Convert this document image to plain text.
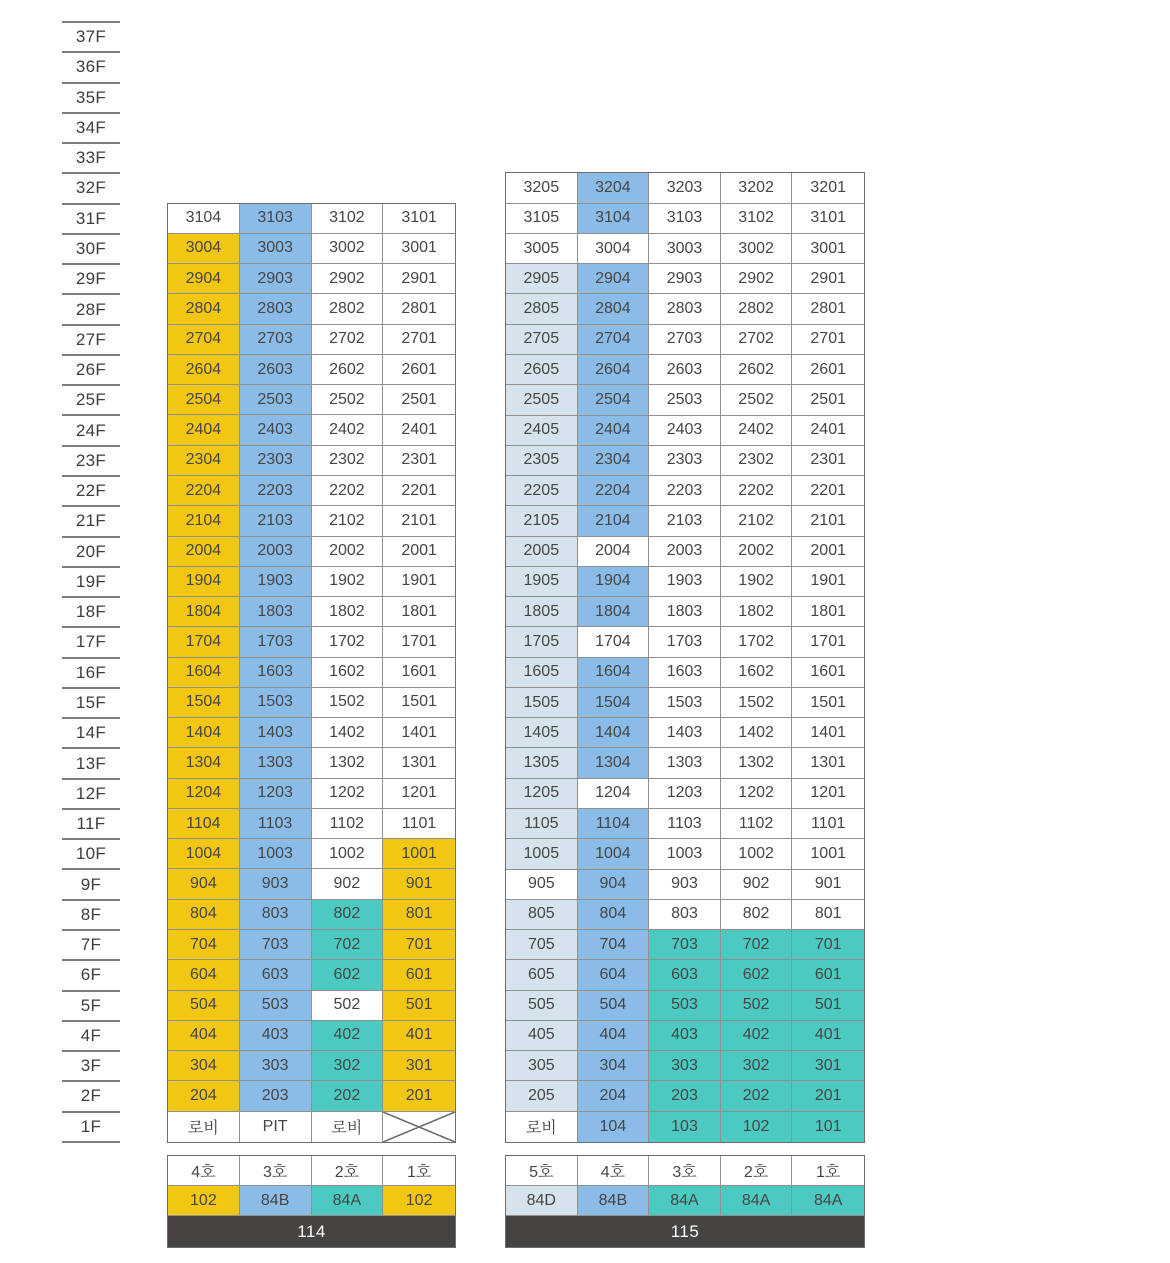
37F
36F
35F
34F
33F
32F
31F
30F
29F
28F
27F
26F
25F
24F
23F
22F
21F
20F
19F
18F
17F
16F
15F
14F
13F
12F
11F
10F
9F
8F
7F
6F
5F
4F
3F
2F
1F
3104	3103	3102	3101
3004	3003	3002	3001
2904	2903	2902	2901
2804	2803	2802	2801
2704	2703	2702	2701
2604	2603	2602	2601
2504	2503	2502	2501
2404	2403	2402	2401
2304	2303	2302	2301
2204	2203	2202	2201
2104	2103	2102	2101
2004	2003	2002	2001
1904	1903	1902	1901
1804	1803	1802	1801
1704	1703	1702	1701
1604	1603	1602	1601
1504	1503	1502	1501
1404	1403	1402	1401
1304	1303	1302	1301
1204	1203	1202	1201
1104	1103	1102	1101
1004	1003	1002	1001
904	903	902	901
804	803	802	801
704	703	702	701
604	603	602	601
504	503	502	501
404	403	402	401
304	303	302	301
204	203	202	201
로비	PIT	로비
3205	3204	3203	3202	3201
3105	3104	3103	3102	3101
3005	3004	3003	3002	3001
2905	2904	2903	2902	2901
2805	2804	2803	2802	2801
2705	2704	2703	2702	2701
2605	2604	2603	2602	2601
2505	2504	2503	2502	2501
2405	2404	2403	2402	2401
2305	2304	2303	2302	2301
2205	2204	2203	2202	2201
2105	2104	2103	2102	2101
2005	2004	2003	2002	2001
1905	1904	1903	1902	1901
1805	1804	1803	1802	1801
1705	1704	1703	1702	1701
1605	1604	1603	1602	1601
1505	1504	1503	1502	1501
1405	1404	1403	1402	1401
1305	1304	1303	1302	1301
1205	1204	1203	1202	1201
1105	1104	1103	1102	1101
1005	1004	1003	1002	1001
905	904	903	902	901
805	804	803	802	801
705	704	703	702	701
605	604	603	602	601
505	504	503	502	501
405	404	403	402	401
305	304	303	302	301
205	204	203	202	201
로비	104	103	102	101
4호	3호	2호	1호
102	84B	84A	102
114
5호	4호	3호	2호	1호
84D	84B	84A	84A	84A
115
